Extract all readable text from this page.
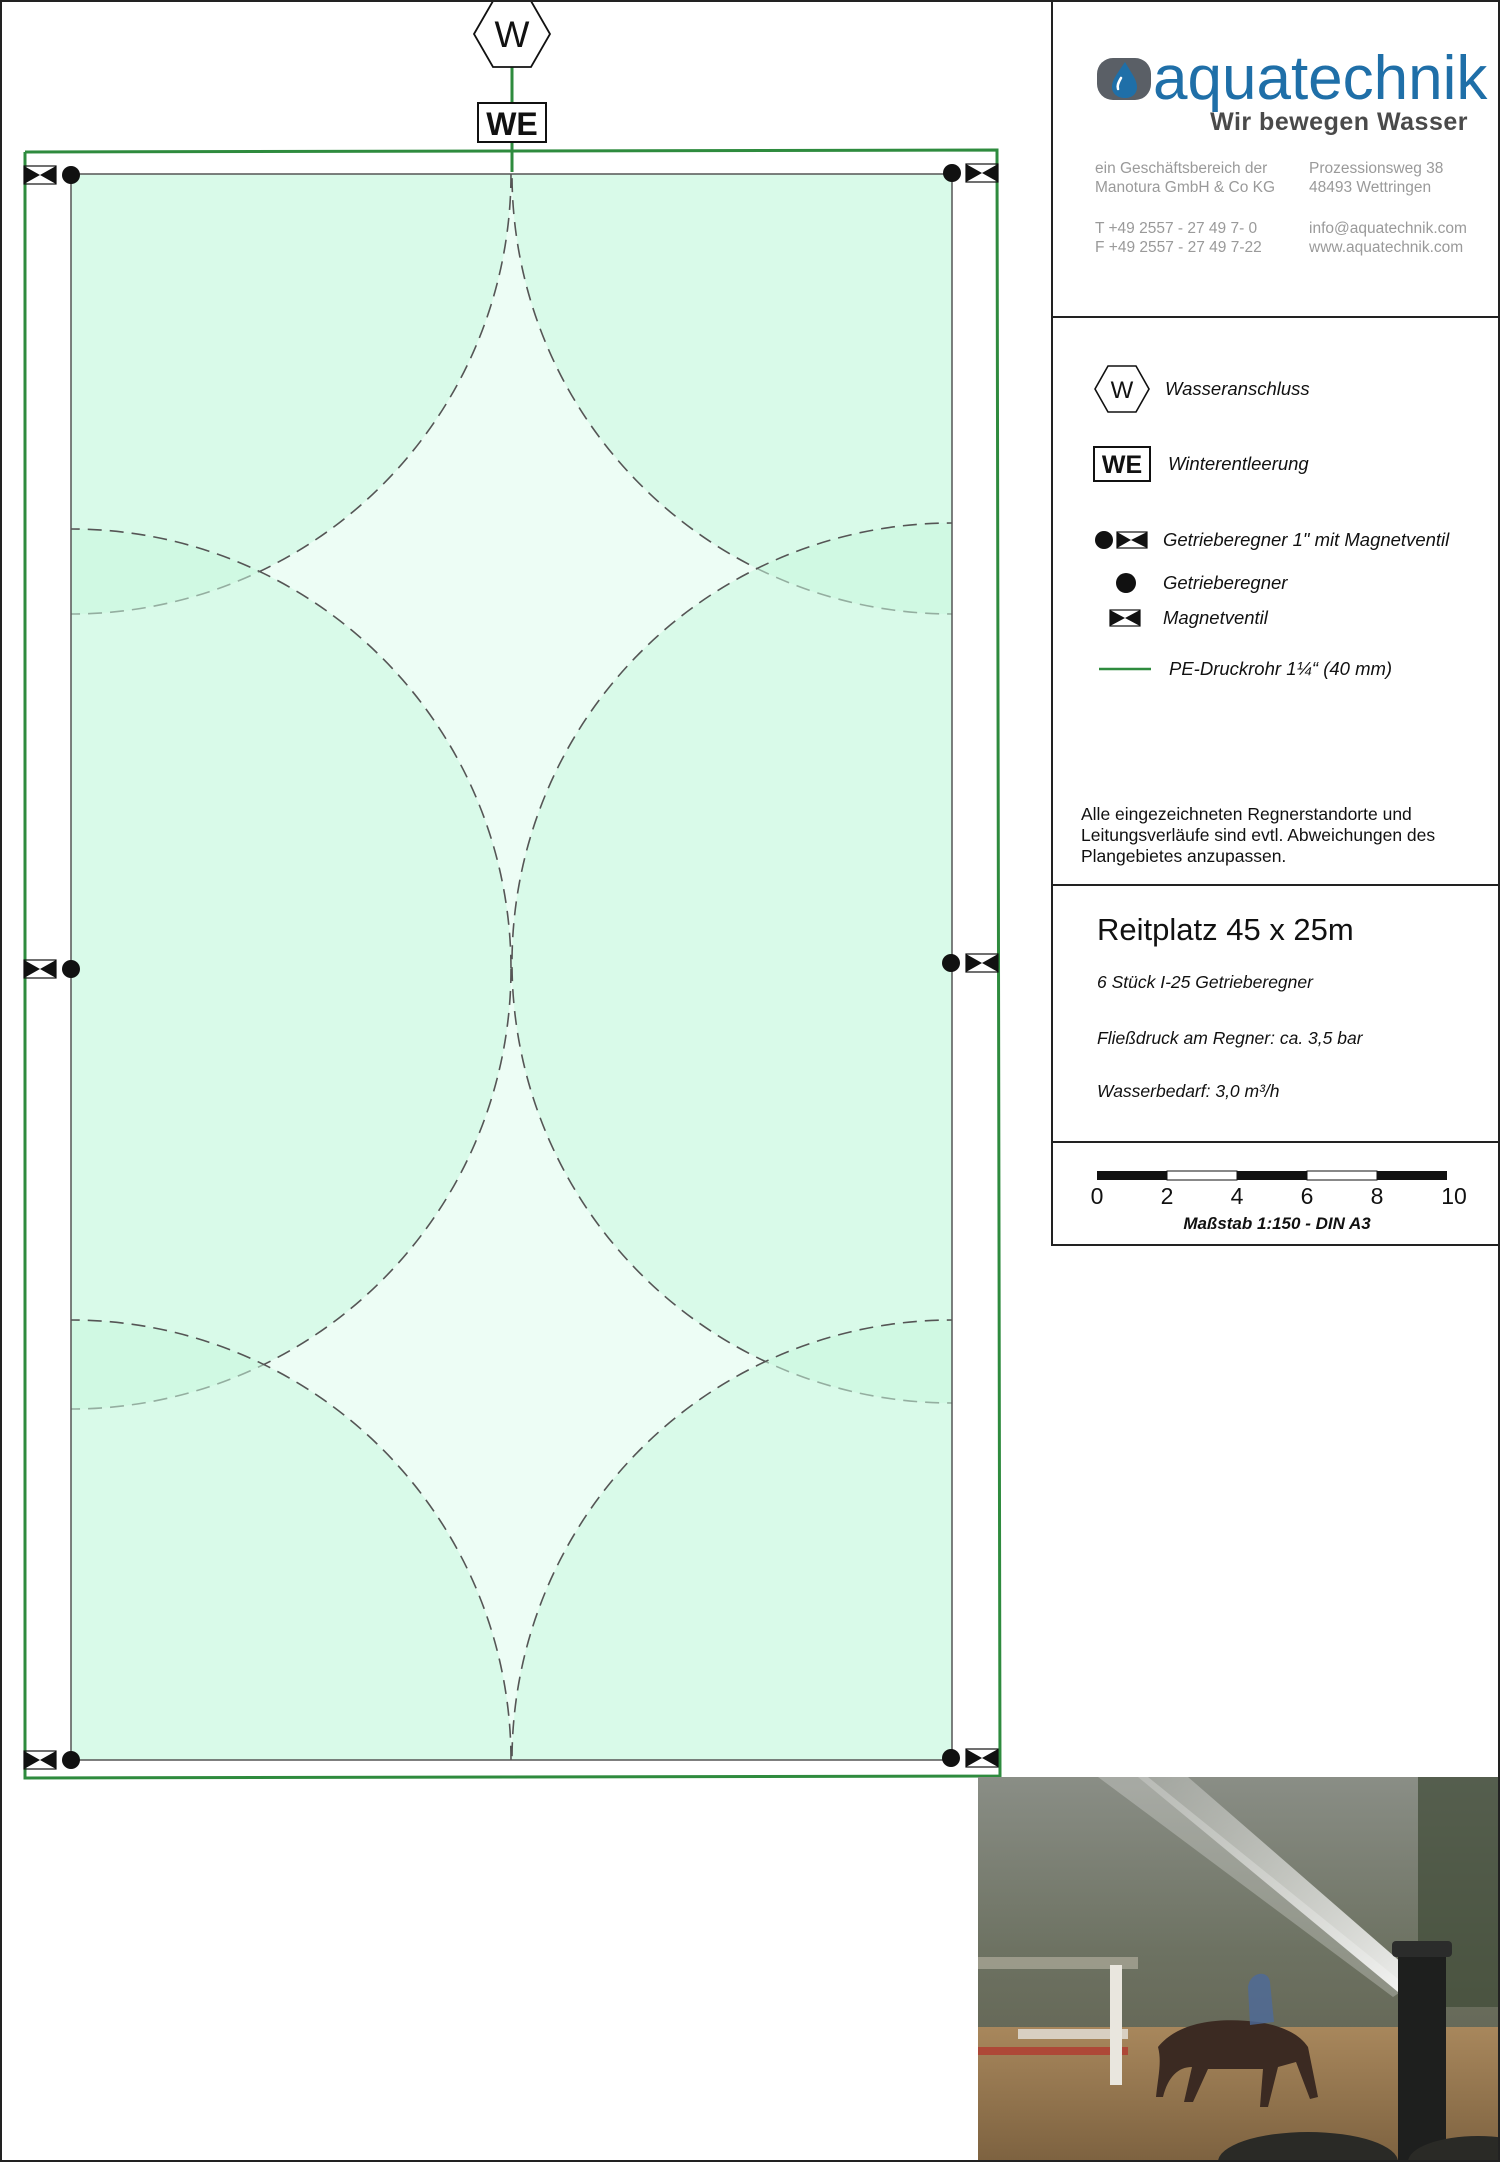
W
WE
aquatechnik
Wir bewegen Wasser
ein Geschäftsbereich der
Manotura GmbH & Co KG
Prozessionsweg 38
48493 Wettringen
T +49 2557 - 27 49 7- 0
F +49 2557 - 27 49 7-22
info@aquatechnik.com
www.aquatechnik.com
W Wasseranschluss
WE Winterentleerung
Getrieberegner 1" mit Magnetventil
Getrieberegner
Magnetventil
PE-Druckrohr 1¼“ (40 mm)
Alle eingezeichneten Regnerstandorte und Leitungsverläufe sind evtl. Abweichungen des Plangebietes anzupassen.
Reitplatz 45 x 25m
6 Stück I-25 Getrieberegner
Fließdruck am Regner: ca. 3,5 bar
Wasserbedarf: 3,0 m³/h
0 2 4 6 8	10
Maßstab 1:150 - DIN A3
